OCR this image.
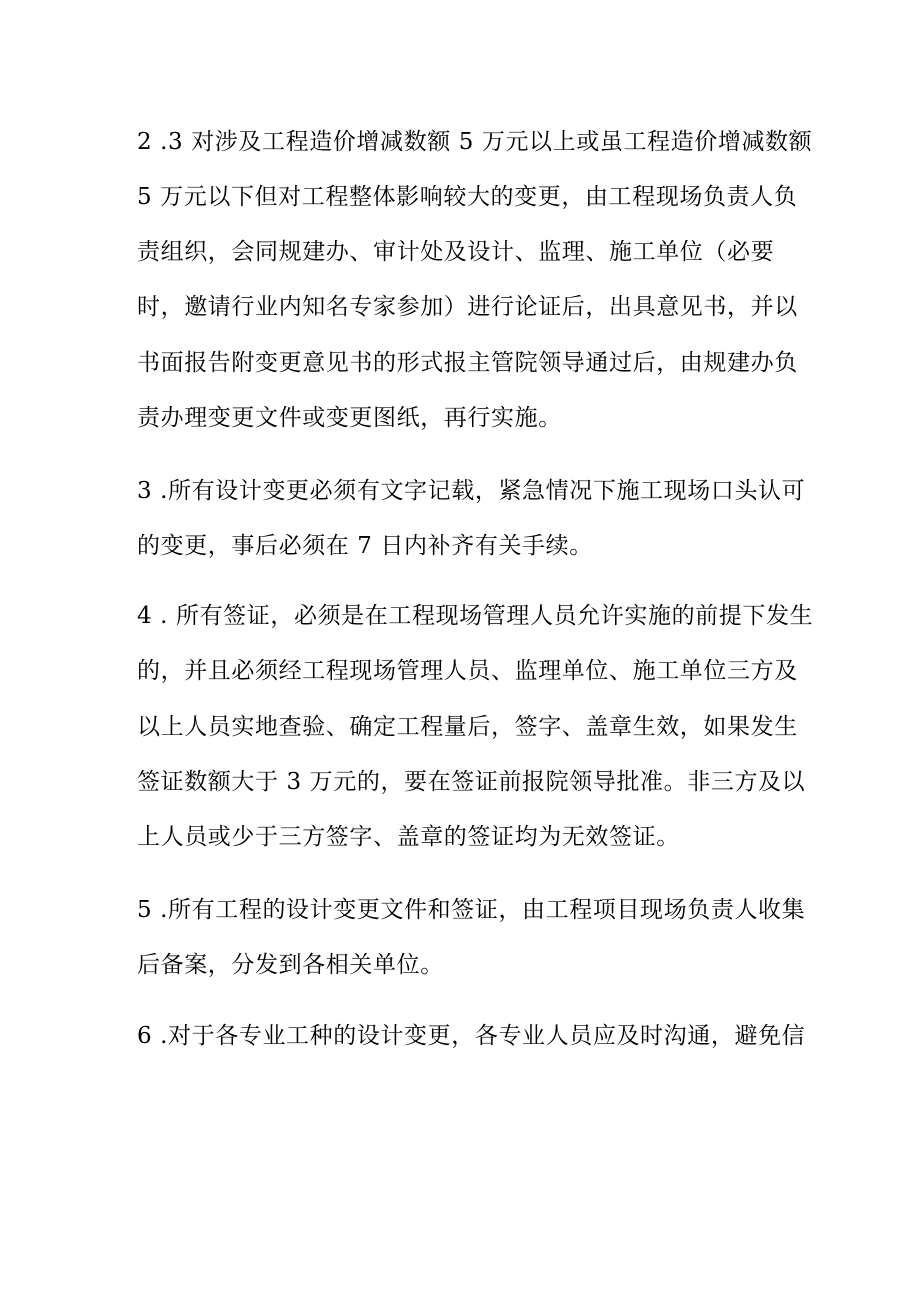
2 .3 对涉及工程造价增减数额 5 万元以上或虽工程造价增减数额
5 万元以下但对工程整体影响较大的变更，由工程现场负责人负
责组织，会同规建办、审计处及设计、监理、施工单位（必要
时，邀请行业内知名专家参加）进行论证后，出具意见书，并以
书面报告附变更意见书的形式报主管院领导通过后，由规建办负
责办理变更文件或变更图纸，再行实施。
3 .所有设计变更必须有文字记载，紧急情况下施工现场口头认可
的变更，事后必须在 7 日内补齐有关手续。
4 . 所有签证，必须是在工程现场管理人员允许实施的前提下发生
的，并且必须经工程现场管理人员、监理单位、施工单位三方及
以上人员实地查验、确定工程量后，签字、盖章生效，如果发生
签证数额大于 3 万元的，要在签证前报院领导批准。非三方及以
上人员或少于三方签字、盖章的签证均为无效签证。
5 .所有工程的设计变更文件和签证，由工程项目现场负责人收集
后备案，分发到各相关单位。
6 .对于各专业工种的设计变更，各专业人员应及时沟通，避免信
